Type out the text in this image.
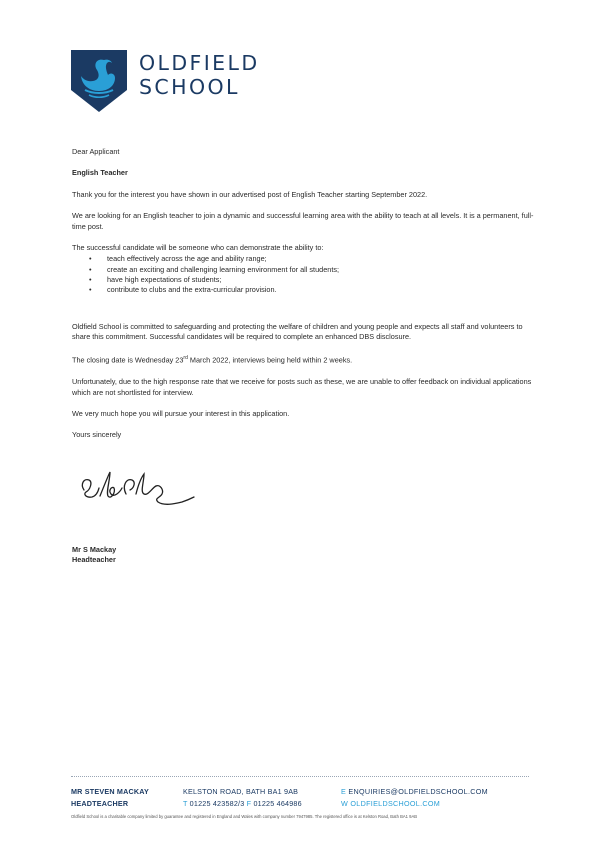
OLDFIELD
SCHOOL

Dear Applicant

English Teacher

Thank you for the interest you have shown in our advertised post of English Teacher starting September 2022.

We are looking for an English teacher to join a dynamic and successful learning area with the ability to teach at all levels. It is a permanent, full-time post.

The successful candidate will be someone who can demonstrate the ability to:

• teach effectively across the age and ability range;
• create an exciting and challenging learning environment for all students;
• have high expectations of students;
• contribute to clubs and the extra-curricular provision.

Oldfield School is committed to safeguarding and protecting the welfare of children and young people and expects all staff and volunteers to share this commitment. Successful candidates will be required to complete an enhanced DBS disclosure.

The closing date is Wednesday 23rd March 2022, interviews being held within 2 weeks.

Unfortunately, due to the high response rate that we receive for posts such as these, we are unable to offer feedback on individual applications which are not shortlisted for interview.

We very much hope you will pursue your interest in this application.

Yours sincerely

Mr S Mackay
Headteacher
MR STEVEN MACKAY
HEADTEACHER
KELSTON ROAD, BATH BA1 9AB
T 01225 423582/3 F 01225 464986
E ENQUIRIES@OLDFIELDSCHOOL.COM
W OLDFIELDSCHOOL.COM
Oldfield School is a charitable company limited by guarantee and registered in England and Wales with company number 7947985. The registered office is at Kelston Road, Bath BA1 9AB
